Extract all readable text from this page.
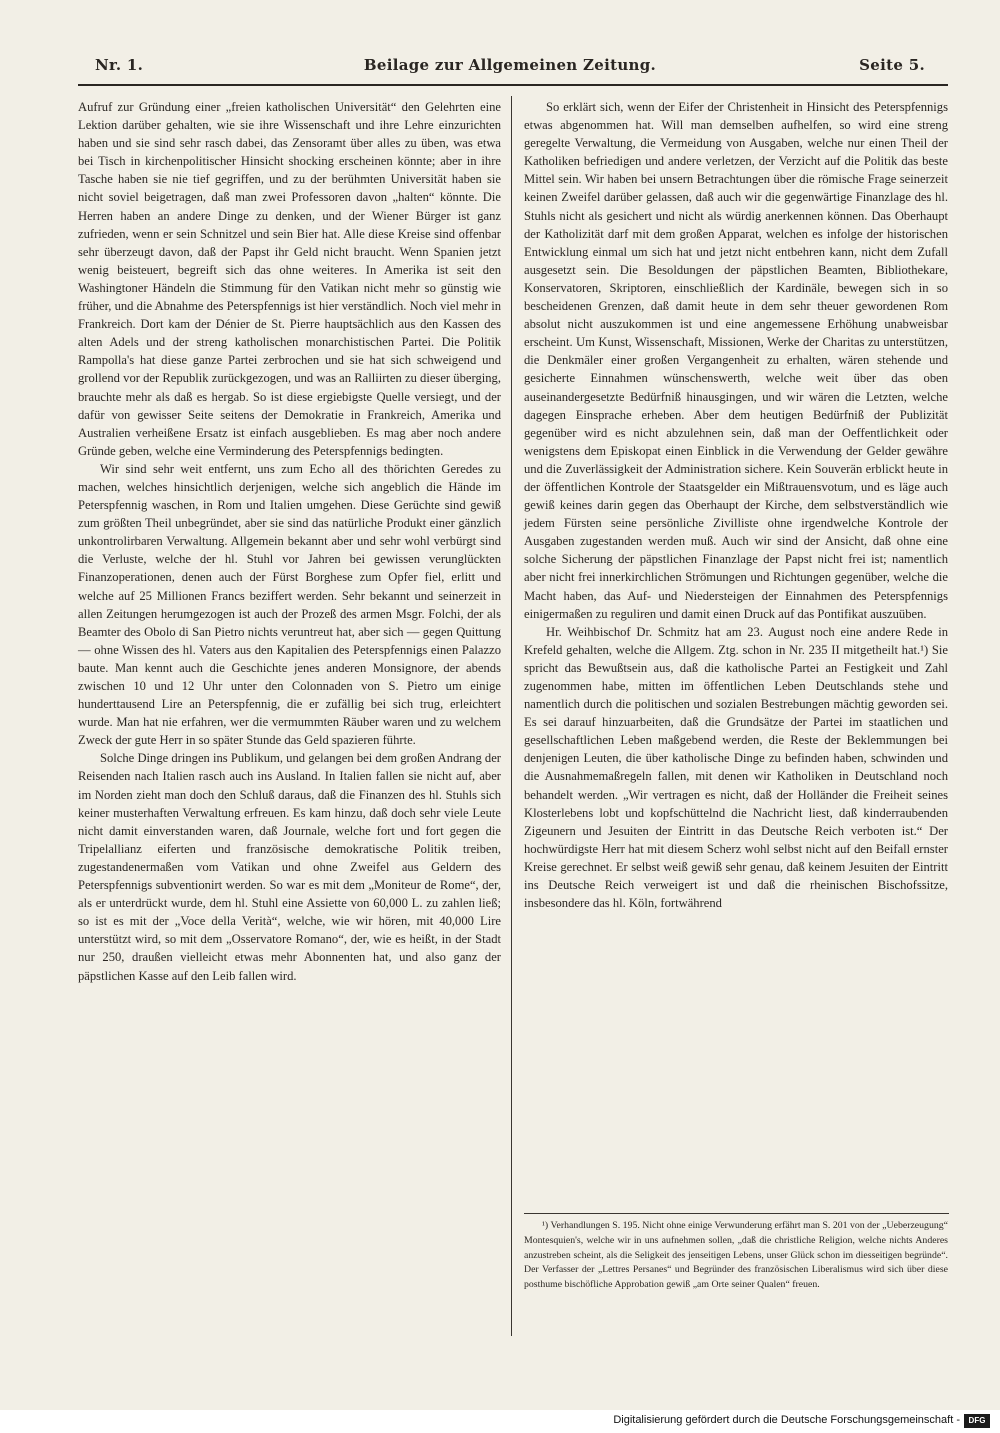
Nr. 1.	Beilage zur Allgemeinen Zeitung.	Seite 5.

Aufruf zur Gründung einer „freien katholischen Universität“ den Gelehrten eine Lektion darüber gehalten, wie sie ihre Wissenschaft und ihre Lehre einzurichten haben und sie sind sehr rasch dabei, das Zensoramt über alles zu üben, was etwa bei Tisch in kirchenpolitischer Hinsicht shocking erscheinen könnte; aber in ihre Tasche haben sie nie tief gegriffen, und zu der berühmten Universität haben sie nicht soviel beigetragen, daß man zwei Professoren davon „halten“ könnte. Die Herren haben an andere Dinge zu denken, und der Wiener Bürger ist ganz zufrieden, wenn er sein Schnitzel und sein Bier hat. Alle diese Kreise sind offenbar sehr überzeugt davon, daß der Papst ihr Geld nicht braucht. Wenn Spanien jetzt wenig beisteuert, begreift sich das ohne weiteres. In Amerika ist seit den Washingtoner Händeln die Stimmung für den Vatikan nicht mehr so günstig wie früher, und die Abnahme des Peterspfennigs ist hier verständlich. Noch viel mehr in Frankreich. Dort kam der Dénier de St. Pierre hauptsächlich aus den Kassen des alten Adels und der streng katholischen monarchistischen Partei. Die Politik Rampolla's hat diese ganze Partei zerbrochen und sie hat sich schweigend und grollend vor der Republik zurückgezogen, und was an Ralliirten zu dieser überging, brauchte mehr als daß es hergab. So ist diese ergiebigste Quelle versiegt, und der dafür von gewisser Seite seitens der Demokratie in Frankreich, Amerika und Australien verheißene Ersatz ist einfach ausgeblieben. Es mag aber noch andere Gründe geben, welche eine Verminderung des Peterspfennigs bedingten.

Wir sind sehr weit entfernt, uns zum Echo all des thörichten Geredes zu machen, welches hinsichtlich derjenigen, welche sich angeblich die Hände im Peterspfennig waschen, in Rom und Italien umgehen. Diese Gerüchte sind gewiß zum größten Theil unbegründet, aber sie sind das natürliche Produkt einer gänzlich unkontrolirbaren Verwaltung. Allgemein bekannt aber und sehr wohl verbürgt sind die Verluste, welche der hl. Stuhl vor Jahren bei gewissen verunglückten Finanzoperationen, denen auch der Fürst Borghese zum Opfer fiel, erlitt und welche auf 25 Millionen Francs beziffert werden. Sehr bekannt und seinerzeit in allen Zeitungen herumgezogen ist auch der Prozeß des armen Msgr. Folchi, der als Beamter des Obolo di San Pietro nichts veruntreut hat, aber sich — gegen Quittung — ohne Wissen des hl. Vaters aus den Kapitalien des Peterspfennigs einen Palazzo baute. Man kennt auch die Geschichte jenes anderen Monsignore, der abends zwischen 10 und 12 Uhr unter den Colonnaden von S. Pietro um einige hunderttausend Lire an Peterspfennig, die er zufällig bei sich trug, erleichtert wurde. Man hat nie erfahren, wer die vermummten Räuber waren und zu welchem Zweck der gute Herr in so später Stunde das Geld spazieren führte.

Solche Dinge dringen ins Publikum, und gelangen bei dem großen Andrang der Reisenden nach Italien rasch auch ins Ausland. In Italien fallen sie nicht auf, aber im Norden zieht man doch den Schluß daraus, daß die Finanzen des hl. Stuhls sich keiner musterhaften Verwaltung erfreuen. Es kam hinzu, daß doch sehr viele Leute nicht damit einverstanden waren, daß Journale, welche fort und fort gegen die Tripelallianz eiferten und französische demokratische Politik treiben, zugestandenermaßen vom Vatikan und ohne Zweifel aus Geldern des Peterspfennigs subventionirt werden. So war es mit dem „Moniteur de Rome“, der, als er unterdrückt wurde, dem hl. Stuhl eine Assiette von 60,000 L. zu zahlen ließ; so ist es mit der „Voce della Verità“, welche, wie wir hören, mit 40,000 Lire unterstützt wird, so mit dem „Osservatore Romano“, der, wie es heißt, in der Stadt nur 250, draußen vielleicht etwas mehr Abonnenten hat, und also ganz der päpstlichen Kasse auf den Leib fallen wird.

So erklärt sich, wenn der Eifer der Christenheit in Hinsicht des Peterspfennigs etwas abgenommen hat. Will man demselben aufhelfen, so wird eine streng geregelte Verwaltung, die Vermeidung von Ausgaben, welche nur einen Theil der Katholiken befriedigen und andere verletzen, der Verzicht auf die Politik das beste Mittel sein. Wir haben bei unsern Betrachtungen über die römische Frage seinerzeit keinen Zweifel darüber gelassen, daß auch wir die gegenwärtige Finanzlage des hl. Stuhls nicht als gesichert und nicht als würdig anerkennen können. Das Oberhaupt der Katholizität darf mit dem großen Apparat, welchen es infolge der historischen Entwicklung einmal um sich hat und jetzt nicht entbehren kann, nicht dem Zufall ausgesetzt sein. Die Besoldungen der päpstlichen Beamten, Bibliothekare, Konservatoren, Skriptoren, einschließlich der Kardinäle, bewegen sich in so bescheidenen Grenzen, daß damit heute in dem sehr theuer gewordenen Rom absolut nicht auszukommen ist und eine angemessene Erhöhung unabweisbar erscheint. Um Kunst, Wissenschaft, Missionen, Werke der Charitas zu unterstützen, die Denkmäler einer großen Vergangenheit zu erhalten, wären stehende und gesicherte Einnahmen wünschenswerth, welche weit über das oben auseinandergesetzte Bedürfniß hinausgingen, und wir wären die Letzten, welche dagegen Einsprache erheben. Aber dem heutigen Bedürfniß der Publizität gegenüber wird es nicht abzulehnen sein, daß man der Oeffentlichkeit oder wenigstens dem Episkopat einen Einblick in die Verwendung der Gelder gewähre und die Zuverlässigkeit der Administration sichere. Kein Souverän erblickt heute in der öffentlichen Kontrole der Staatsgelder ein Mißtrauensvotum, und es läge auch gewiß keines darin gegen das Oberhaupt der Kirche, dem selbstverständlich wie jedem Fürsten seine persönliche Zivilliste ohne irgendwelche Kontrole der Ausgaben zugestanden werden muß. Auch wir sind der Ansicht, daß ohne eine solche Sicherung der päpstlichen Finanzlage der Papst nicht frei ist; namentlich aber nicht frei innerkirchlichen Strömungen und Richtungen gegenüber, welche die Macht haben, das Auf- und Niedersteigen der Einnahmen des Peterspfennigs einigermaßen zu reguliren und damit einen Druck auf das Pontifikat auszuüben.

Hr. Weihbischof Dr. Schmitz hat am 23. August noch eine andere Rede in Krefeld gehalten, welche die Allgem. Ztg. schon in Nr. 235 II mitgetheilt hat.¹) Sie spricht das Bewußtsein aus, daß die katholische Partei an Festigkeit und Zahl zugenommen habe, mitten im öffentlichen Leben Deutschlands stehe und namentlich durch die politischen und sozialen Bestrebungen mächtig geworden sei. Es sei darauf hinzuarbeiten, daß die Grundsätze der Partei im staatlichen und gesellschaftlichen Leben maßgebend werden, die Reste der Beklemmungen bei denjenigen Leuten, die über katholische Dinge zu befinden haben, schwinden und die Ausnahmemaßregeln fallen, mit denen wir Katholiken in Deutschland noch behandelt werden. „Wir vertragen es nicht, daß der Holländer die Freiheit seines Klosterlebens lobt und kopfschüttelnd die Nachricht liest, daß kinderraubenden Zigeunern und Jesuiten der Eintritt in das Deutsche Reich verboten ist.“ Der hochwürdigste Herr hat mit diesem Scherz wohl selbst nicht auf den Beifall ernster Kreise gerechnet. Er selbst weiß gewiß sehr genau, daß keinem Jesuiten der Eintritt ins Deutsche Reich verweigert ist und daß die rheinischen Bischofssitze, insbesondere das hl. Köln, fortwährend

¹) Verhandlungen S. 195. Nicht ohne einige Verwunderung erfährt man S. 201 von der „Ueberzeugung“ Montesquien's, welche wir in uns aufnehmen sollen, „daß die christliche Religion, welche nichts Anderes anzustreben scheint, als die Seligkeit des jenseitigen Lebens, unser Glück schon im diesseitigen begründe“. Der Verfasser der „Lettres Persanes“ und Begründer des französischen Liberalismus wird sich über diese posthume bischöfliche Approbation gewiß „am Orte seiner Qualen“ freuen.

Digitalisierung gefördert durch die Deutsche Forschungsgemeinschaft -	DFG
